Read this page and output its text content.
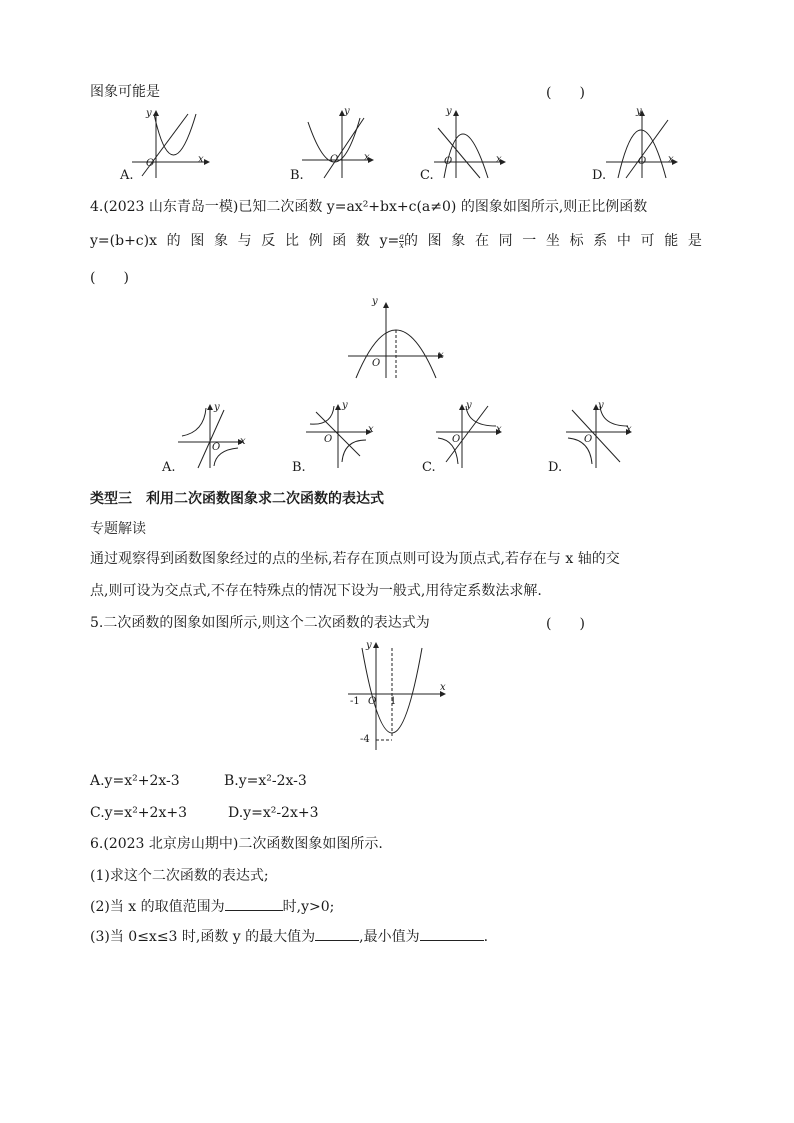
图象可能是	(　　)
A.
y
O	x
B.
y
O	x
C.
y
O	x
D.
y
O x
4.(2023 山东青岛一模)已知二次函数 y=ax²+bx+c(a≠0) 的图象如图所示,则正比例函数
y=(b+c)x 的 图 象 与 反 比 例 函 数 $y= \frac{a}{x}$ 的 图 象 在 同 一 坐 标 系 中 可 能 是
(　　)
y
O
x
A.
y
O
x
B.
y
O
x
C.
y
O
x
D.
y
O
x
类型三　利用二次函数图象求二次函数的表达式
专题解读
通过观察得到函数图象经过的点的坐标,若存在顶点则可设为顶点式,若存在与 x 轴的交
点,则可设为交点式,不存在特殊点的情况下设为一般式,用待定系数法求解.
5.二次函数的图象如图所示,则这个二次函数的表达式为	(　　)
y
x
-1 O 1
-4
A.y=x²+2x-3	B.y=x²-2x-3
C.y=x²+2x+3	D.y=x²-2x+3
6.(2023 北京房山期中)二次函数图象如图所示.
(1)求这个二次函数的表达式;
(2)当 x 的取值范围为	时,y>0;
(3)当 0≤x≤3 时,函数 y 的最大值为	,最小值为	.
